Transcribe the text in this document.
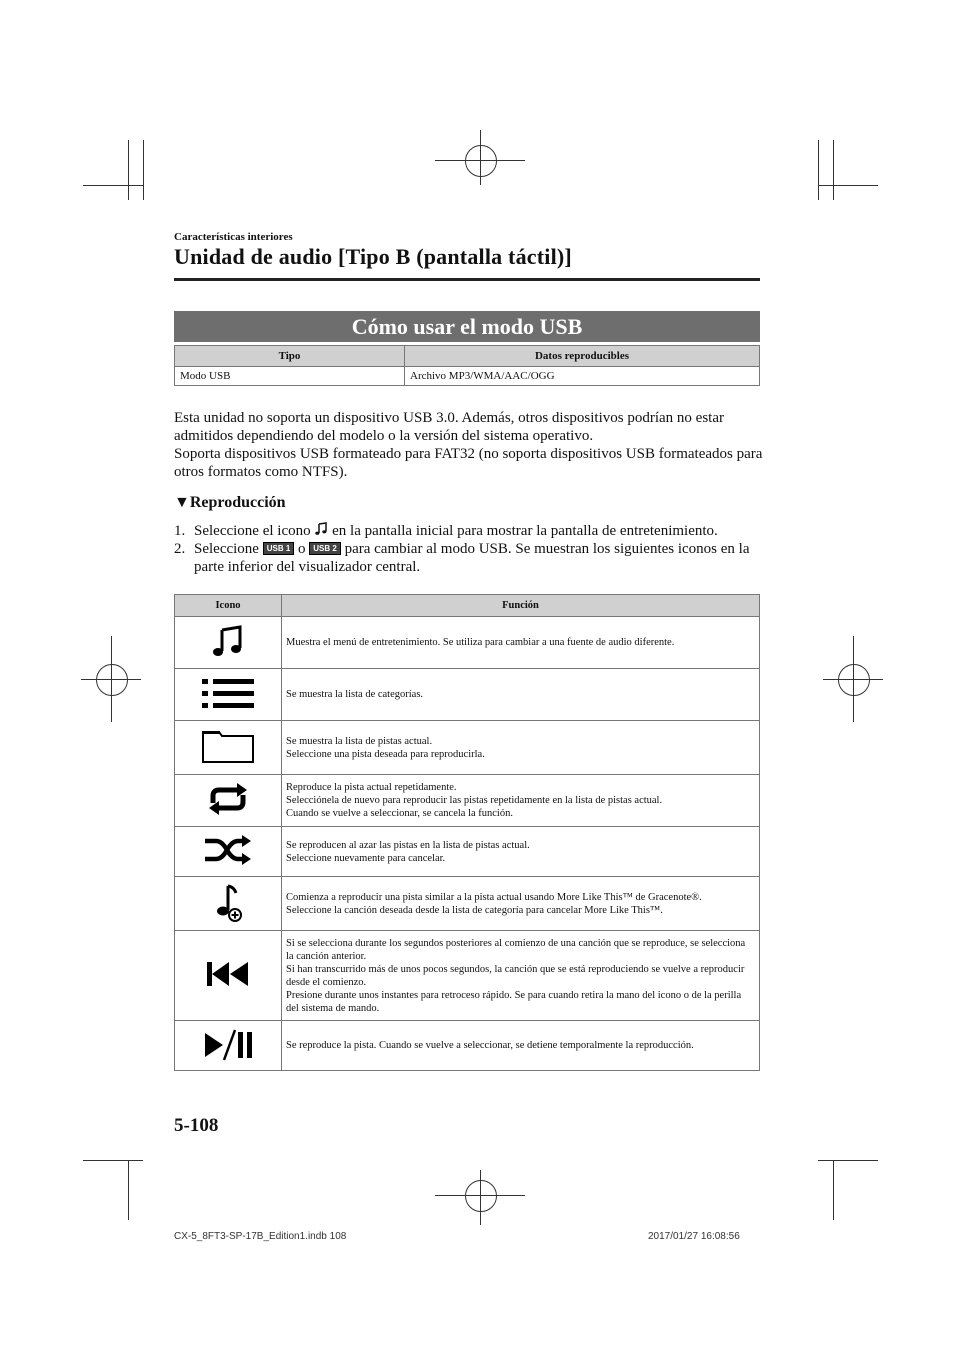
Características interiores
Unidad de audio [Tipo B (pantalla táctil)]
Cómo usar el modo USB
Tipo	Datos reproducibles
Modo USB	Archivo MP3/WMA/AAC/OGG

Esta unidad no soporta un dispositivo USB 3.0. Además, otros dispositivos podrían no estar admitidos dependiendo del modelo o la versión del sistema operativo.

Soporta dispositivos USB formateado para FAT32 (no soporta dispositivos USB formateados para otros formatos como NTFS).

▼Reproducción
1. Seleccione el icono en la pantalla inicial para mostrar la pantalla de entretenimiento.
2. Seleccione USB 1 o USB 2 para cambiar al modo USB. Se muestran los siguientes iconos en la parte inferior del visualizador central.
Icono	Función

Muestra el menú de entretenimiento. Se utiliza para cambiar a una fuente de audio diferente.

Se muestra la lista de categorías.

Se muestra la lista de pistas actual.
Seleccione una pista deseada para reproducirla.

Reproduce la pista actual repetidamente.
Selecciónela de nuevo para reproducir las pistas repetidamente en la lista de pistas actual.
Cuando se vuelve a seleccionar, se cancela la función.

Se reproducen al azar las pistas en la lista de pistas actual.
Seleccione nuevamente para cancelar.

Comienza a reproducir una pista similar a la pista actual usando More Like This™ de Gracenote®.
Seleccione la canción deseada desde la lista de categoría para cancelar More Like This™.

Si se selecciona durante los segundos posteriores al comienzo de una canción que se reproduce, se selecciona la canción anterior.
Si han transcurrido más de unos pocos segundos, la canción que se está reproduciendo se vuelve a reproducir desde el comienzo.
Presione durante unos instantes para retroceso rápido. Se para cuando retira la mano del icono o de la perilla del sistema de mando.

Se reproduce la pista. Cuando se vuelve a seleccionar, se detiene temporalmente la reproducción.
5-108
CX-5_8FT3-SP-17B_Edition1.indb 108	2017/01/27 16:08:56
